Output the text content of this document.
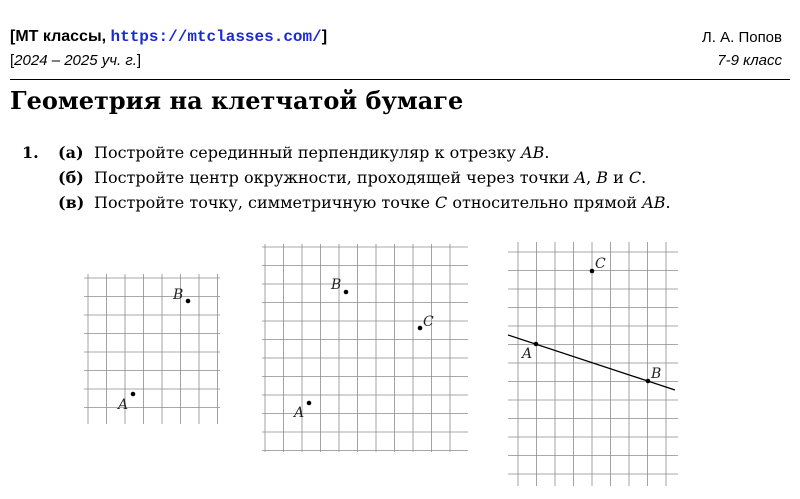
[МТ классы, https://mtclasses.com/]
[2024 – 2025 уч. г.]
Л. А. Попов
7-9 класс
Геометрия на клетчатой бумаге
1. (а) Постройте серединный перпендикуляр к отрезку AB.
(б) Постройте центр окружности, проходящей через точки A, B и C.
(в) Постройте точку, симметричную точке C относительно прямой AB.
B
A
B
C
A
C
A
B
